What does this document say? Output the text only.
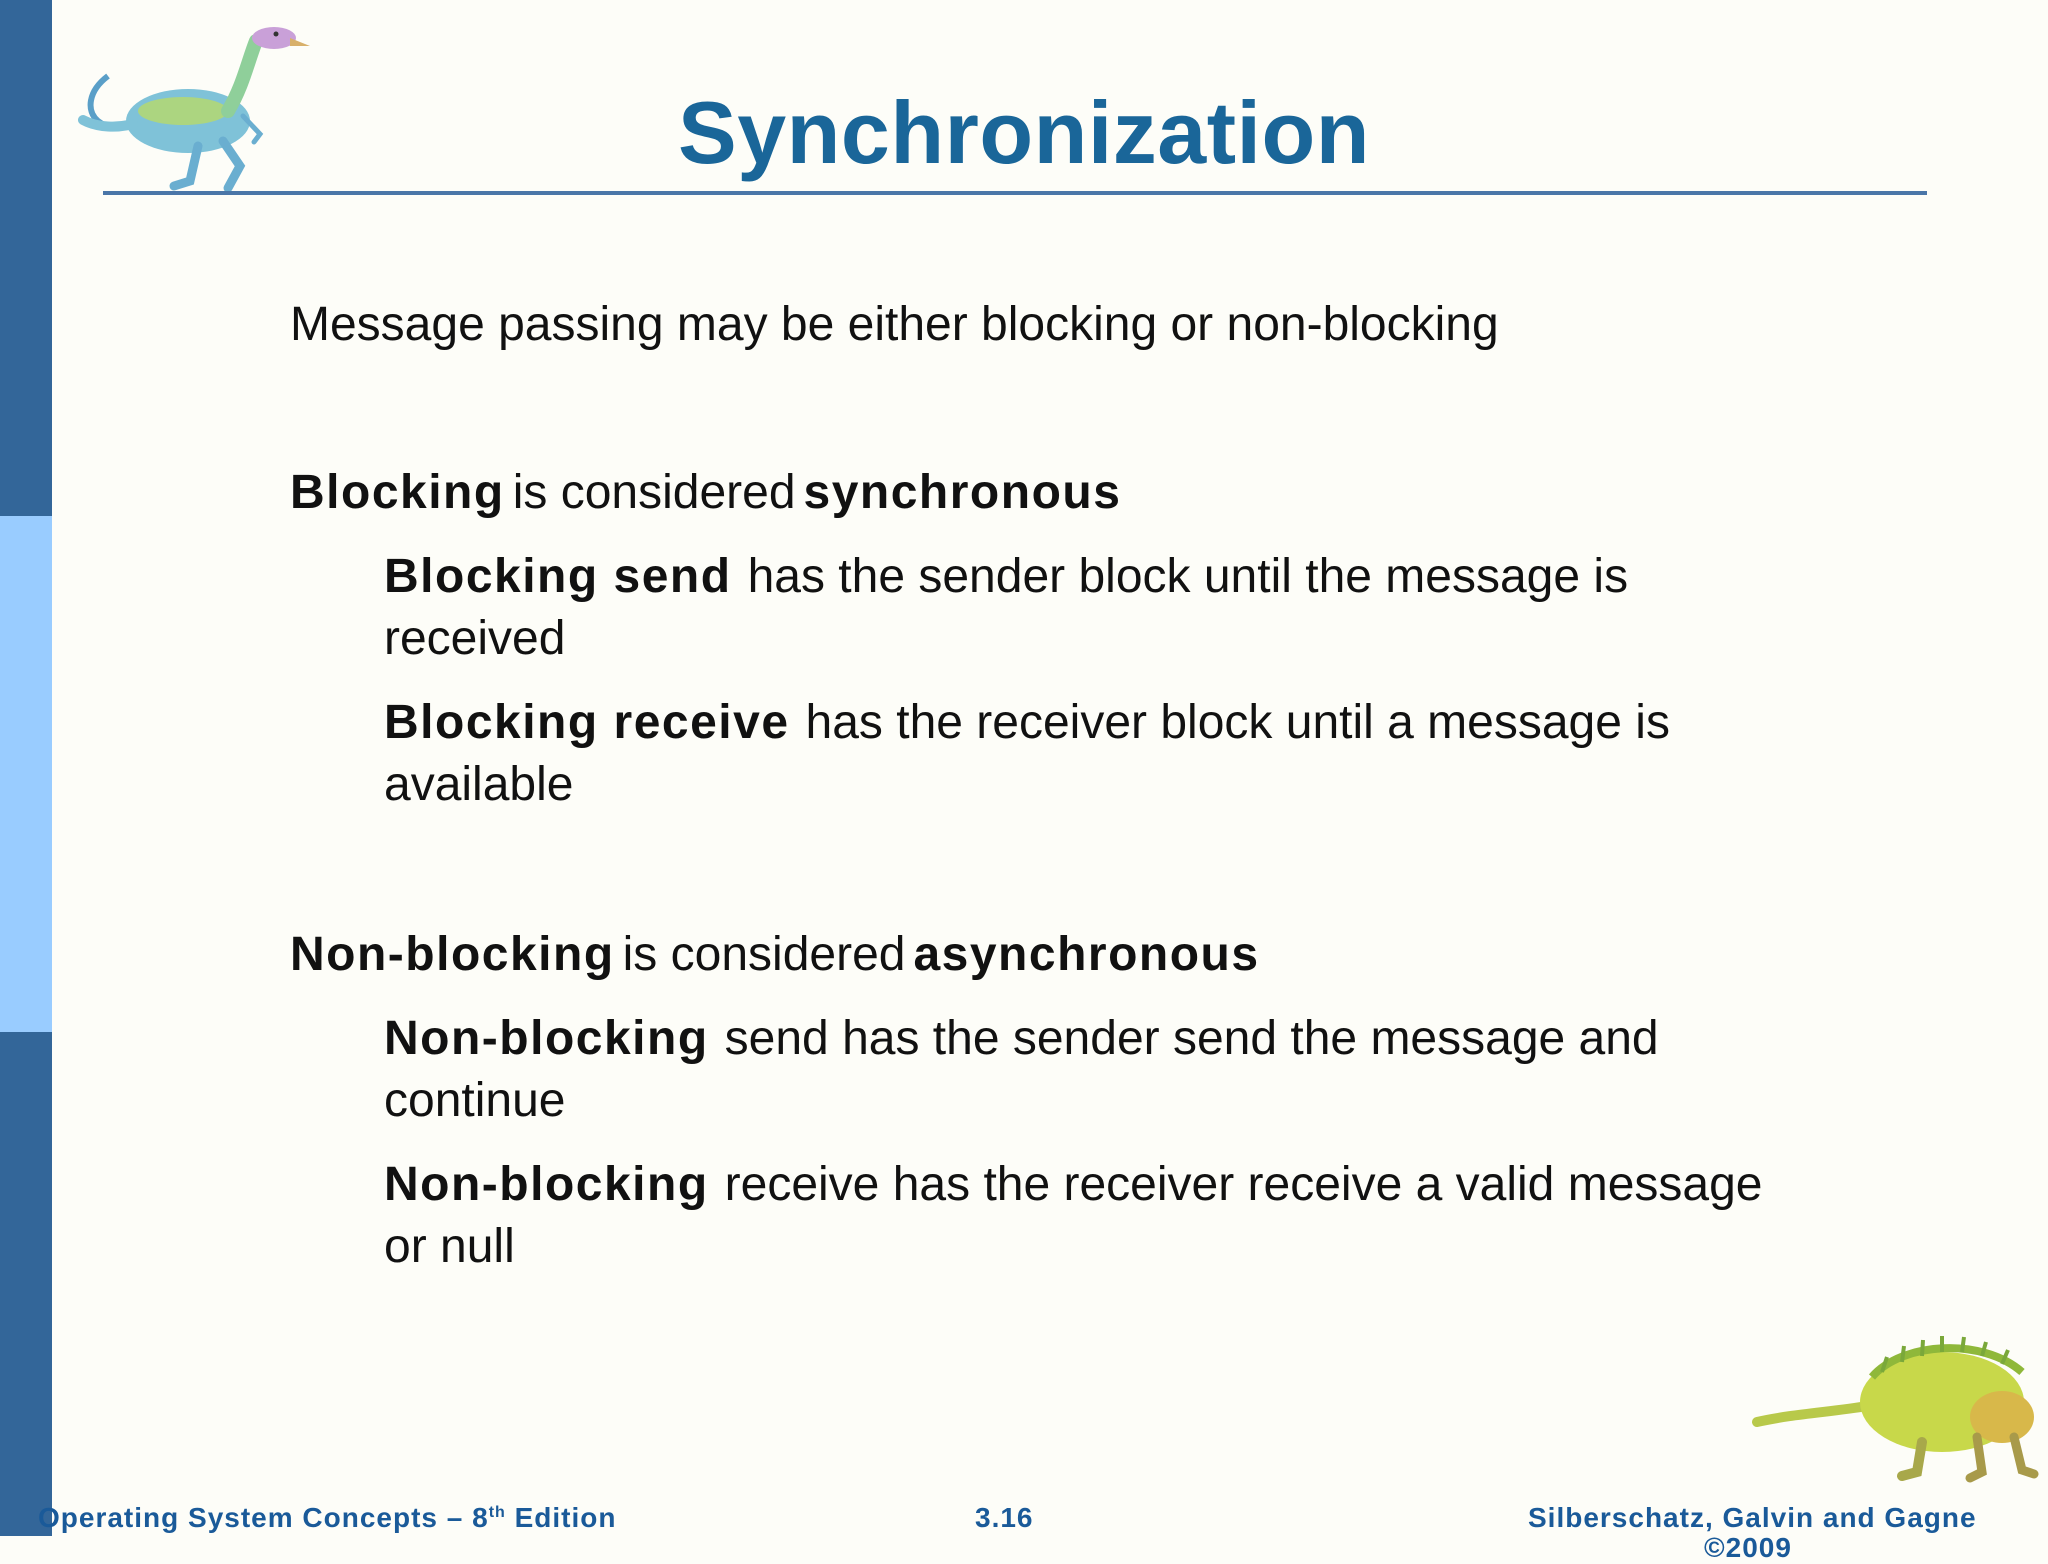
Synchronization

Message passing may be either blocking or non-blocking

Blocking is considered synchronous

Blocking send has the sender block until the message is received

Blocking receive has the receiver block until a message is available

Non-blocking is considered asynchronous

Non-blocking send has the sender send the message and continue

Non-blocking receive has the receiver receive a valid message or null

Operating System Concepts – 8th Edition	3.16	Silberschatz, Galvin and Gagne
©2009
